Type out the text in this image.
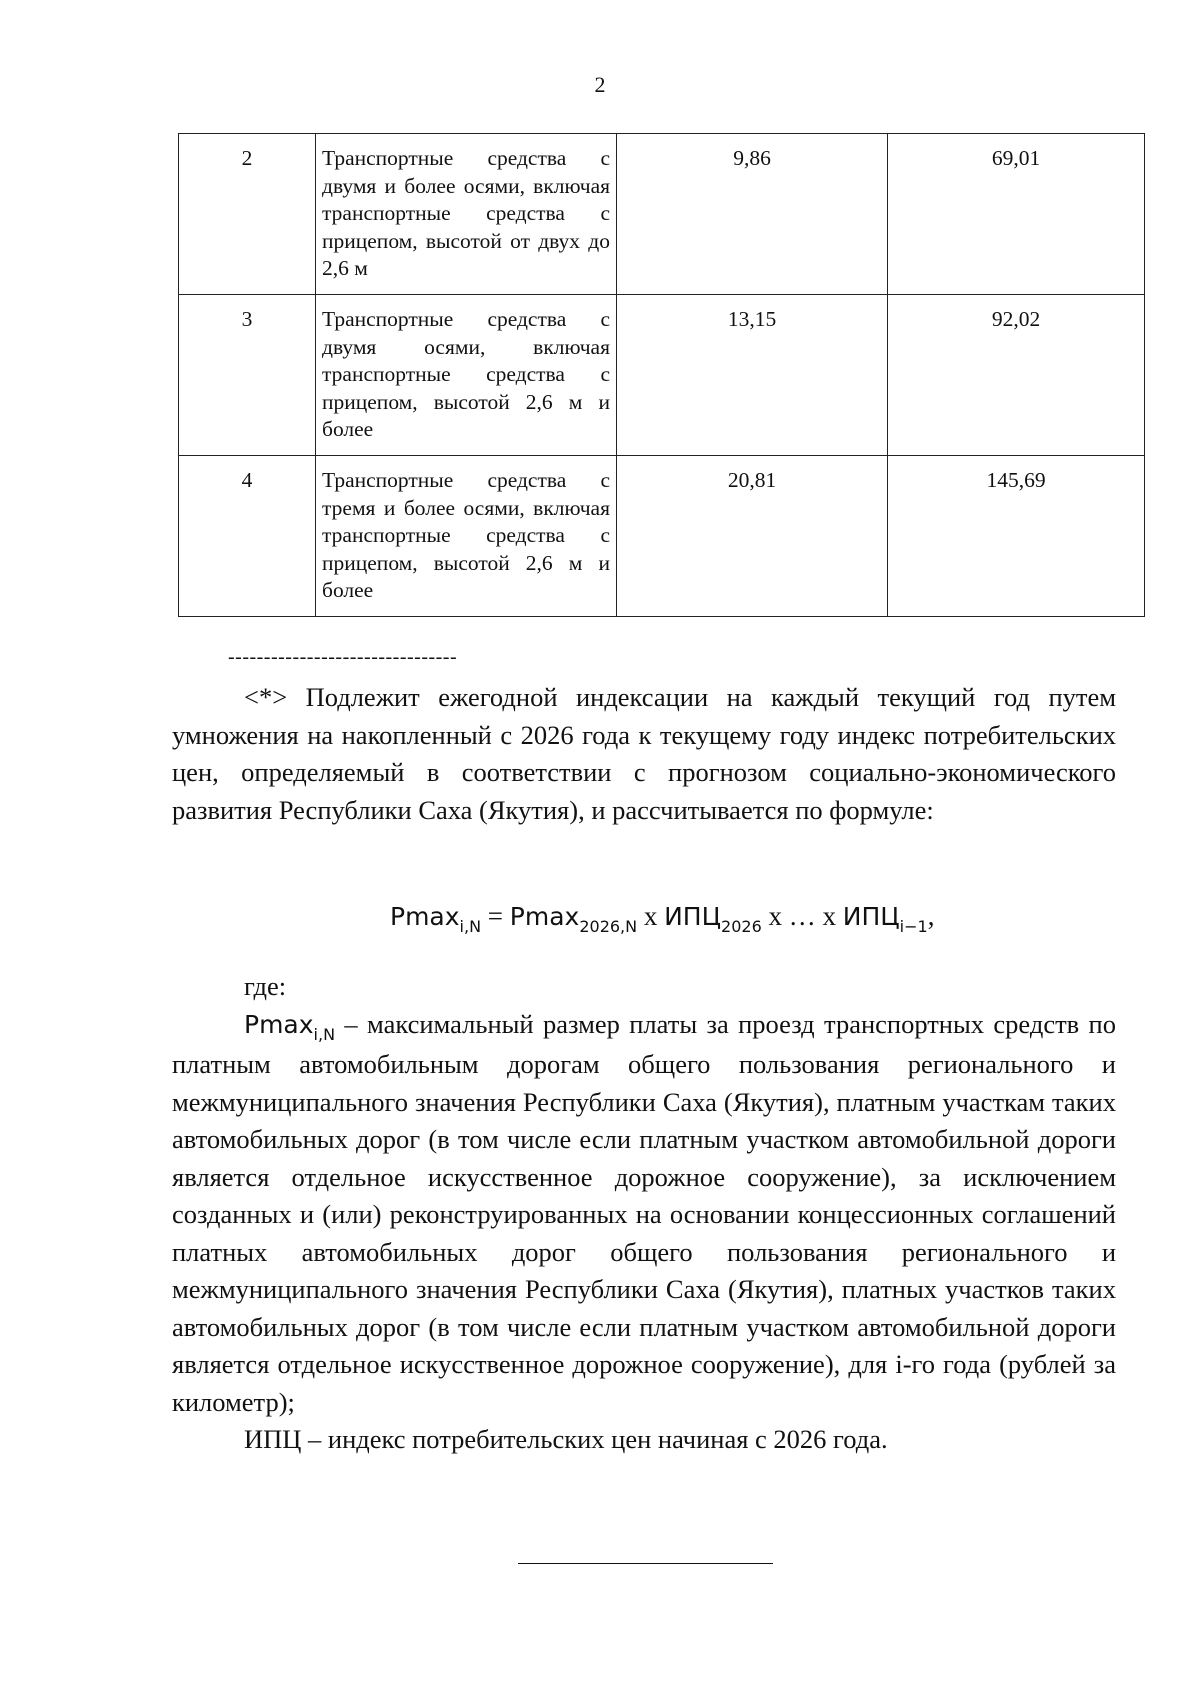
2
2	Транспортные средства с двумя и более осями, включая транспортные средства с прицепом, высотой от двух до 2,6 м	9,86	69,01
3	Транспортные средства с двумя осями, включая транспортные средства с прицепом, высотой 2,6 м и более	13,15	92,02
4	Транспортные средства с тремя и более осями, включая транспортные средства с прицепом, высотой 2,6 м и более	20,81	145,69
--------------------------------

<*> Подлежит ежегодной индексации на каждый текущий год путем умножения на накопленный с 2026 года к текущему году индекс потребительских цен, определяемый в соответствии с прогнозом социально-экономического развития Республики Саха (Якутия), и рассчитывается по формуле:

Pmax$_{i,N}$ = Pmax$_{2026,N}$ х $ИПЦ_{2026}$ х … х $ИПЦ_{i-1}$,

где:

Pmax$_{i,N}$ – максимальный размер платы за проезд транспортных средств по платным автомобильным дорогам общего пользования регионального и межмуниципального значения Республики Саха (Якутия), платным участкам таких автомобильных дорог (в том числе если платным участком автомобильной дороги является отдельное искусственное дорожное сооружение), за исключением созданных и (или) реконструированных на основании концессионных соглашений платных автомобильных дорог общего пользования регионального и межмуниципального значения Республики Саха (Якутия), платных участков таких автомобильных дорог (в том числе если платным участком автомобильной дороги является отдельное искусственное дорожное сооружение), для i-го года (рублей за километр);

ИПЦ – индекс потребительских цен начиная с 2026 года.
